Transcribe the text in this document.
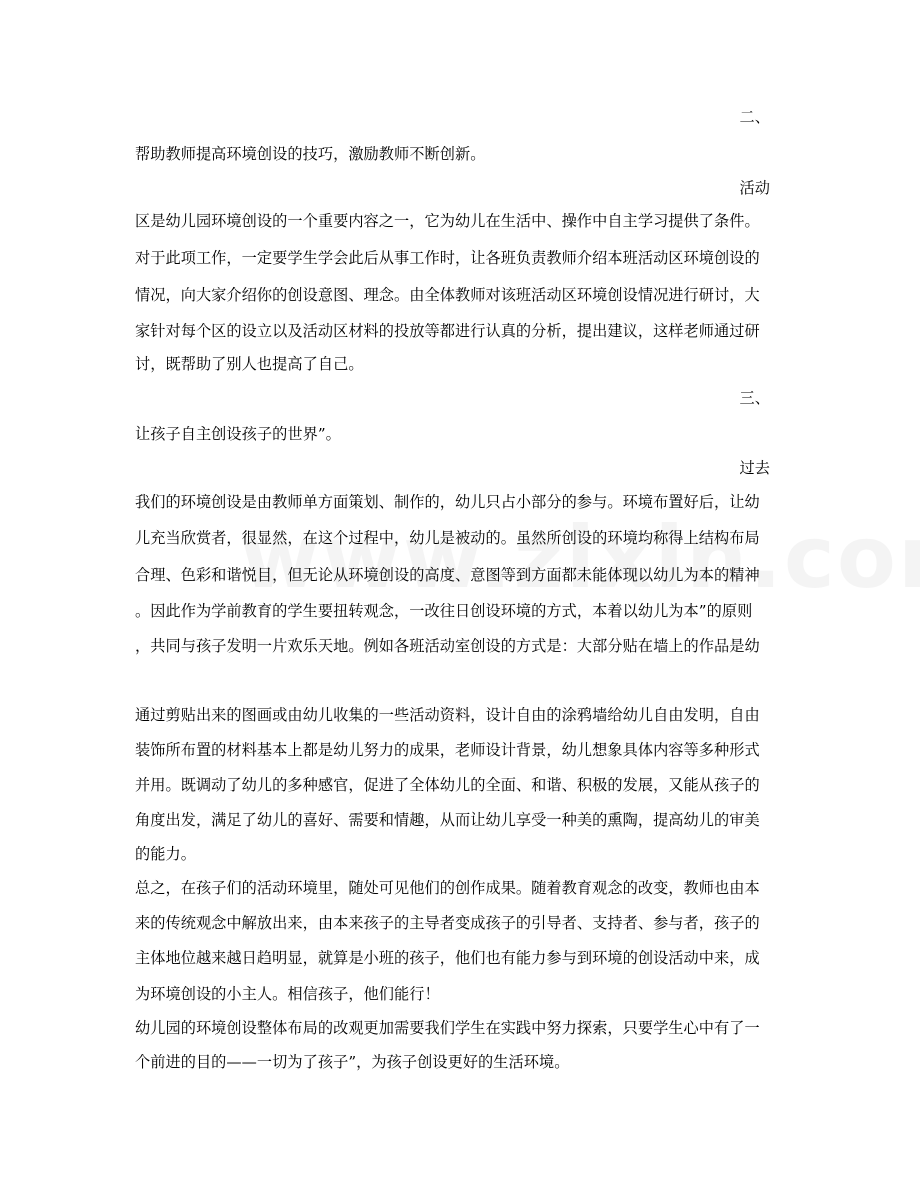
二、
帮助教师提高环境创设的技巧，激励教师不断创新。
活动
区是幼儿园环境创设的一个重要内容之一，它为幼儿在生活中、操作中自主学习提供了条件。
对于此项工作，一定要学生学会此后从事工作时，让各班负责教师介绍本班活动区环境创设的
情况，向大家介绍你的创设意图、理念。由全体教师对该班活动区环境创设情况进行研讨，大
家针对每个区的设立以及活动区材料的投放等都进行认真的分析，提出建议，这样老师通过研
讨，既帮助了别人也提高了自己。
三、
让孩子自主创设孩子的世界”。
过去
我们的环境创设是由教师单方面策划、制作的，幼儿只占小部分的参与。环境布置好后，让幼
儿充当欣赏者，很显然，在这个过程中，幼儿是被动的。虽然所创设的环境均称得上结构布局
合理、色彩和谐悦目，但无论从环境创设的高度、意图等到方面都未能体现以幼儿为本的精神
。因此作为学前教育的学生要扭转观念，一改往日创设环境的方式，本着以幼儿为本”的原则
，共同与孩子发明一片欢乐天地。例如各班活动室创设的方式是：大部分贴在墙上的作品是幼
通过剪贴出来的图画或由幼儿收集的一些活动资料，设计自由的涂鸦墙给幼儿自由发明，自由
装饰所布置的材料基本上都是幼儿努力的成果，老师设计背景，幼儿想象具体内容等多种形式
并用。既调动了幼儿的多种感官，促进了全体幼儿的全面、和谐、积极的发展，又能从孩子的
角度出发，满足了幼儿的喜好、需要和情趣，从而让幼儿享受一种美的熏陶，提高幼儿的审美
的能力。
总之，在孩子们的活动环境里，随处可见他们的创作成果。随着教育观念的改变，教师也由本
来的传统观念中解放出来，由本来孩子的主导者变成孩子的引导者、支持者、参与者，孩子的
主体地位越来越日趋明显，就算是小班的孩子，他们也有能力参与到环境的创设活动中来，成
为环境创设的小主人。相信孩子，他们能行！
幼儿园的环境创设整体布局的改观更加需要我们学生在实践中努力探索，只要学生心中有了一
个前进的目的——一切为了孩子”，为孩子创设更好的生活环境。
